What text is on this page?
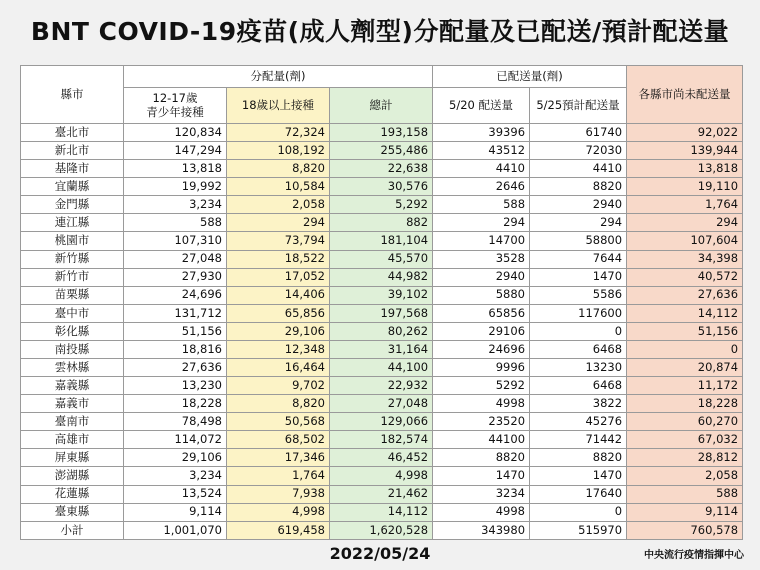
BNT COVID-19疫苗(成人劑型)分配量及已配送/預計配送量
縣市	分配量(劑)			已配送量(劑)		各縣市尚未配送量
	12-17歲
青少年接種	18歲以上接種	總計	5/20 配送量	5/25預計配送量	
臺北市	120,834	72,324	193,158	39396	61740	92,022
新北市	147,294	108,192	255,486	43512	72030	139,944
基隆市	13,818	8,820	22,638	4410	4410	13,818
宜蘭縣	19,992	10,584	30,576	2646	8820	19,110
金門縣	3,234	2,058	5,292	588	2940	1,764
連江縣	588	294	882	294	294	294
桃園市	107,310	73,794	181,104	14700	58800	107,604
新竹縣	27,048	18,522	45,570	3528	7644	34,398
新竹市	27,930	17,052	44,982	2940	1470	40,572
苗栗縣	24,696	14,406	39,102	5880	5586	27,636
臺中市	131,712	65,856	197,568	65856	117600	14,112
彰化縣	51,156	29,106	80,262	29106	0	51,156
南投縣	18,816	12,348	31,164	24696	6468	0
雲林縣	27,636	16,464	44,100	9996	13230	20,874
嘉義縣	13,230	9,702	22,932	5292	6468	11,172
嘉義市	18,228	8,820	27,048	4998	3822	18,228
臺南市	78,498	50,568	129,066	23520	45276	60,270
高雄市	114,072	68,502	182,574	44100	71442	67,032
屏東縣	29,106	17,346	46,452	8820	8820	28,812
澎湖縣	3,234	1,764	4,998	1470	1470	2,058
花蓮縣	13,524	7,938	21,462	3234	17640	588
臺東縣	9,114	4,998	14,112	4998	0	9,114
小計	1,001,070	619,458	1,620,528	343980	515970	760,578
2022/05/24	中央流行疫情指揮中心
